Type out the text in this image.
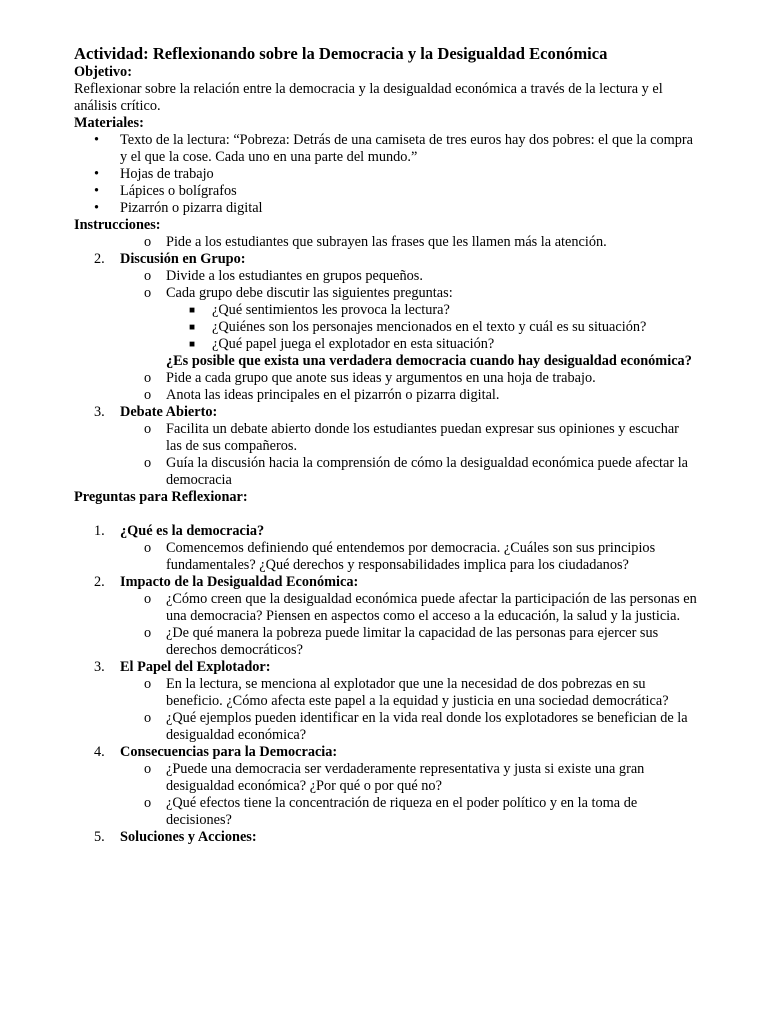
Actividad: Reflexionando sobre la Democracia y la Desigualdad Económica

Objetivo:

Reflexionar sobre la relación entre la democracia y la desigualdad económica a través de la lectura y el análisis crítico.

Materiales:

• Texto de la lectura: “Pobreza: Detrás de una camiseta de tres euros hay dos pobres: el que la compra y el que la cose. Cada uno en una parte del mundo.”
• Hojas de trabajo
• Lápices o bolígrafos
• Pizarrón o pizarra digital

Instrucciones:

o Pide a los estudiantes que subrayen las frases que les llamen más la atención.
2. Discusión en Grupo:
o Divide a los estudiantes en grupos pequeños.
o Cada grupo debe discutir las siguientes preguntas:
■ ¿Qué sentimientos les provoca la lectura?
■ ¿Quiénes son los personajes mencionados en el texto y cuál es su situación?
■ ¿Qué papel juega el explotador en esta situación?
¿Es posible que exista una verdadera democracia cuando hay desigualdad económica?
o Pide a cada grupo que anote sus ideas y argumentos en una hoja de trabajo.
o Anota las ideas principales en el pizarrón o pizarra digital.
3. Debate Abierto:
o Facilita un debate abierto donde los estudiantes puedan expresar sus opiniones y escuchar las de sus compañeros.
o Guía la discusión hacia la comprensión de cómo la desigualdad económica puede afectar la democracia

Preguntas para Reflexionar:

1. ¿Qué es la democracia?
o Comencemos definiendo qué entendemos por democracia. ¿Cuáles son sus principios fundamentales? ¿Qué derechos y responsabilidades implica para los ciudadanos?
2. Impacto de la Desigualdad Económica:
o ¿Cómo creen que la desigualdad económica puede afectar la participación de las personas en una democracia? Piensen en aspectos como el acceso a la educación, la salud y la justicia.
o ¿De qué manera la pobreza puede limitar la capacidad de las personas para ejercer sus derechos democráticos?
3. El Papel del Explotador:
o En la lectura, se menciona al explotador que une la necesidad de dos pobrezas en su beneficio. ¿Cómo afecta este papel a la equidad y justicia en una sociedad democrática?
o ¿Qué ejemplos pueden identificar en la vida real donde los explotadores se benefician de la desigualdad económica?
4. Consecuencias para la Democracia:
o ¿Puede una democracia ser verdaderamente representativa y justa si existe una gran desigualdad económica? ¿Por qué o por qué no?
o ¿Qué efectos tiene la concentración de riqueza en el poder político y en la toma de decisiones?
5. Soluciones y Acciones:
